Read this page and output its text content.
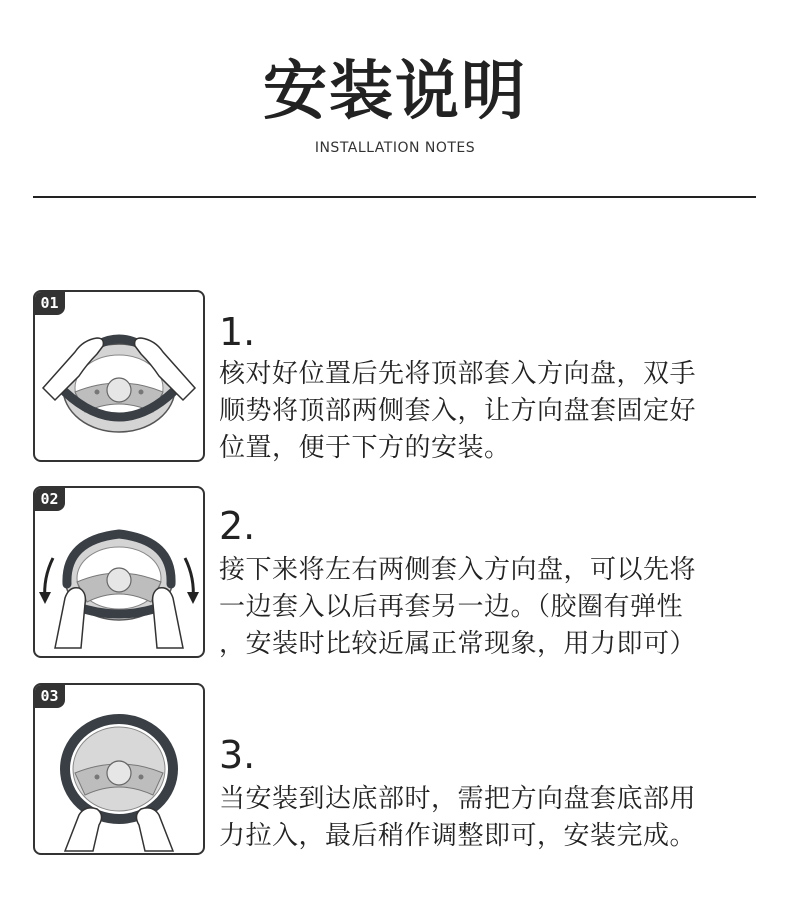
安装说明
INSTALLATION NOTES
01
1.
核对好位置后先将顶部套入方向盘，双手
顺势将顶部两侧套入，让方向盘套固定好
位置，便于下方的安装。
02
2.
接下来将左右两侧套入方向盘，可以先将
一边套入以后再套另一边。（胶圈有弹性
，安装时比较近属正常现象，用力即可）
03
3.
当安装到达底部时，需把方向盘套底部用
力拉入，最后稍作调整即可，安装完成。
